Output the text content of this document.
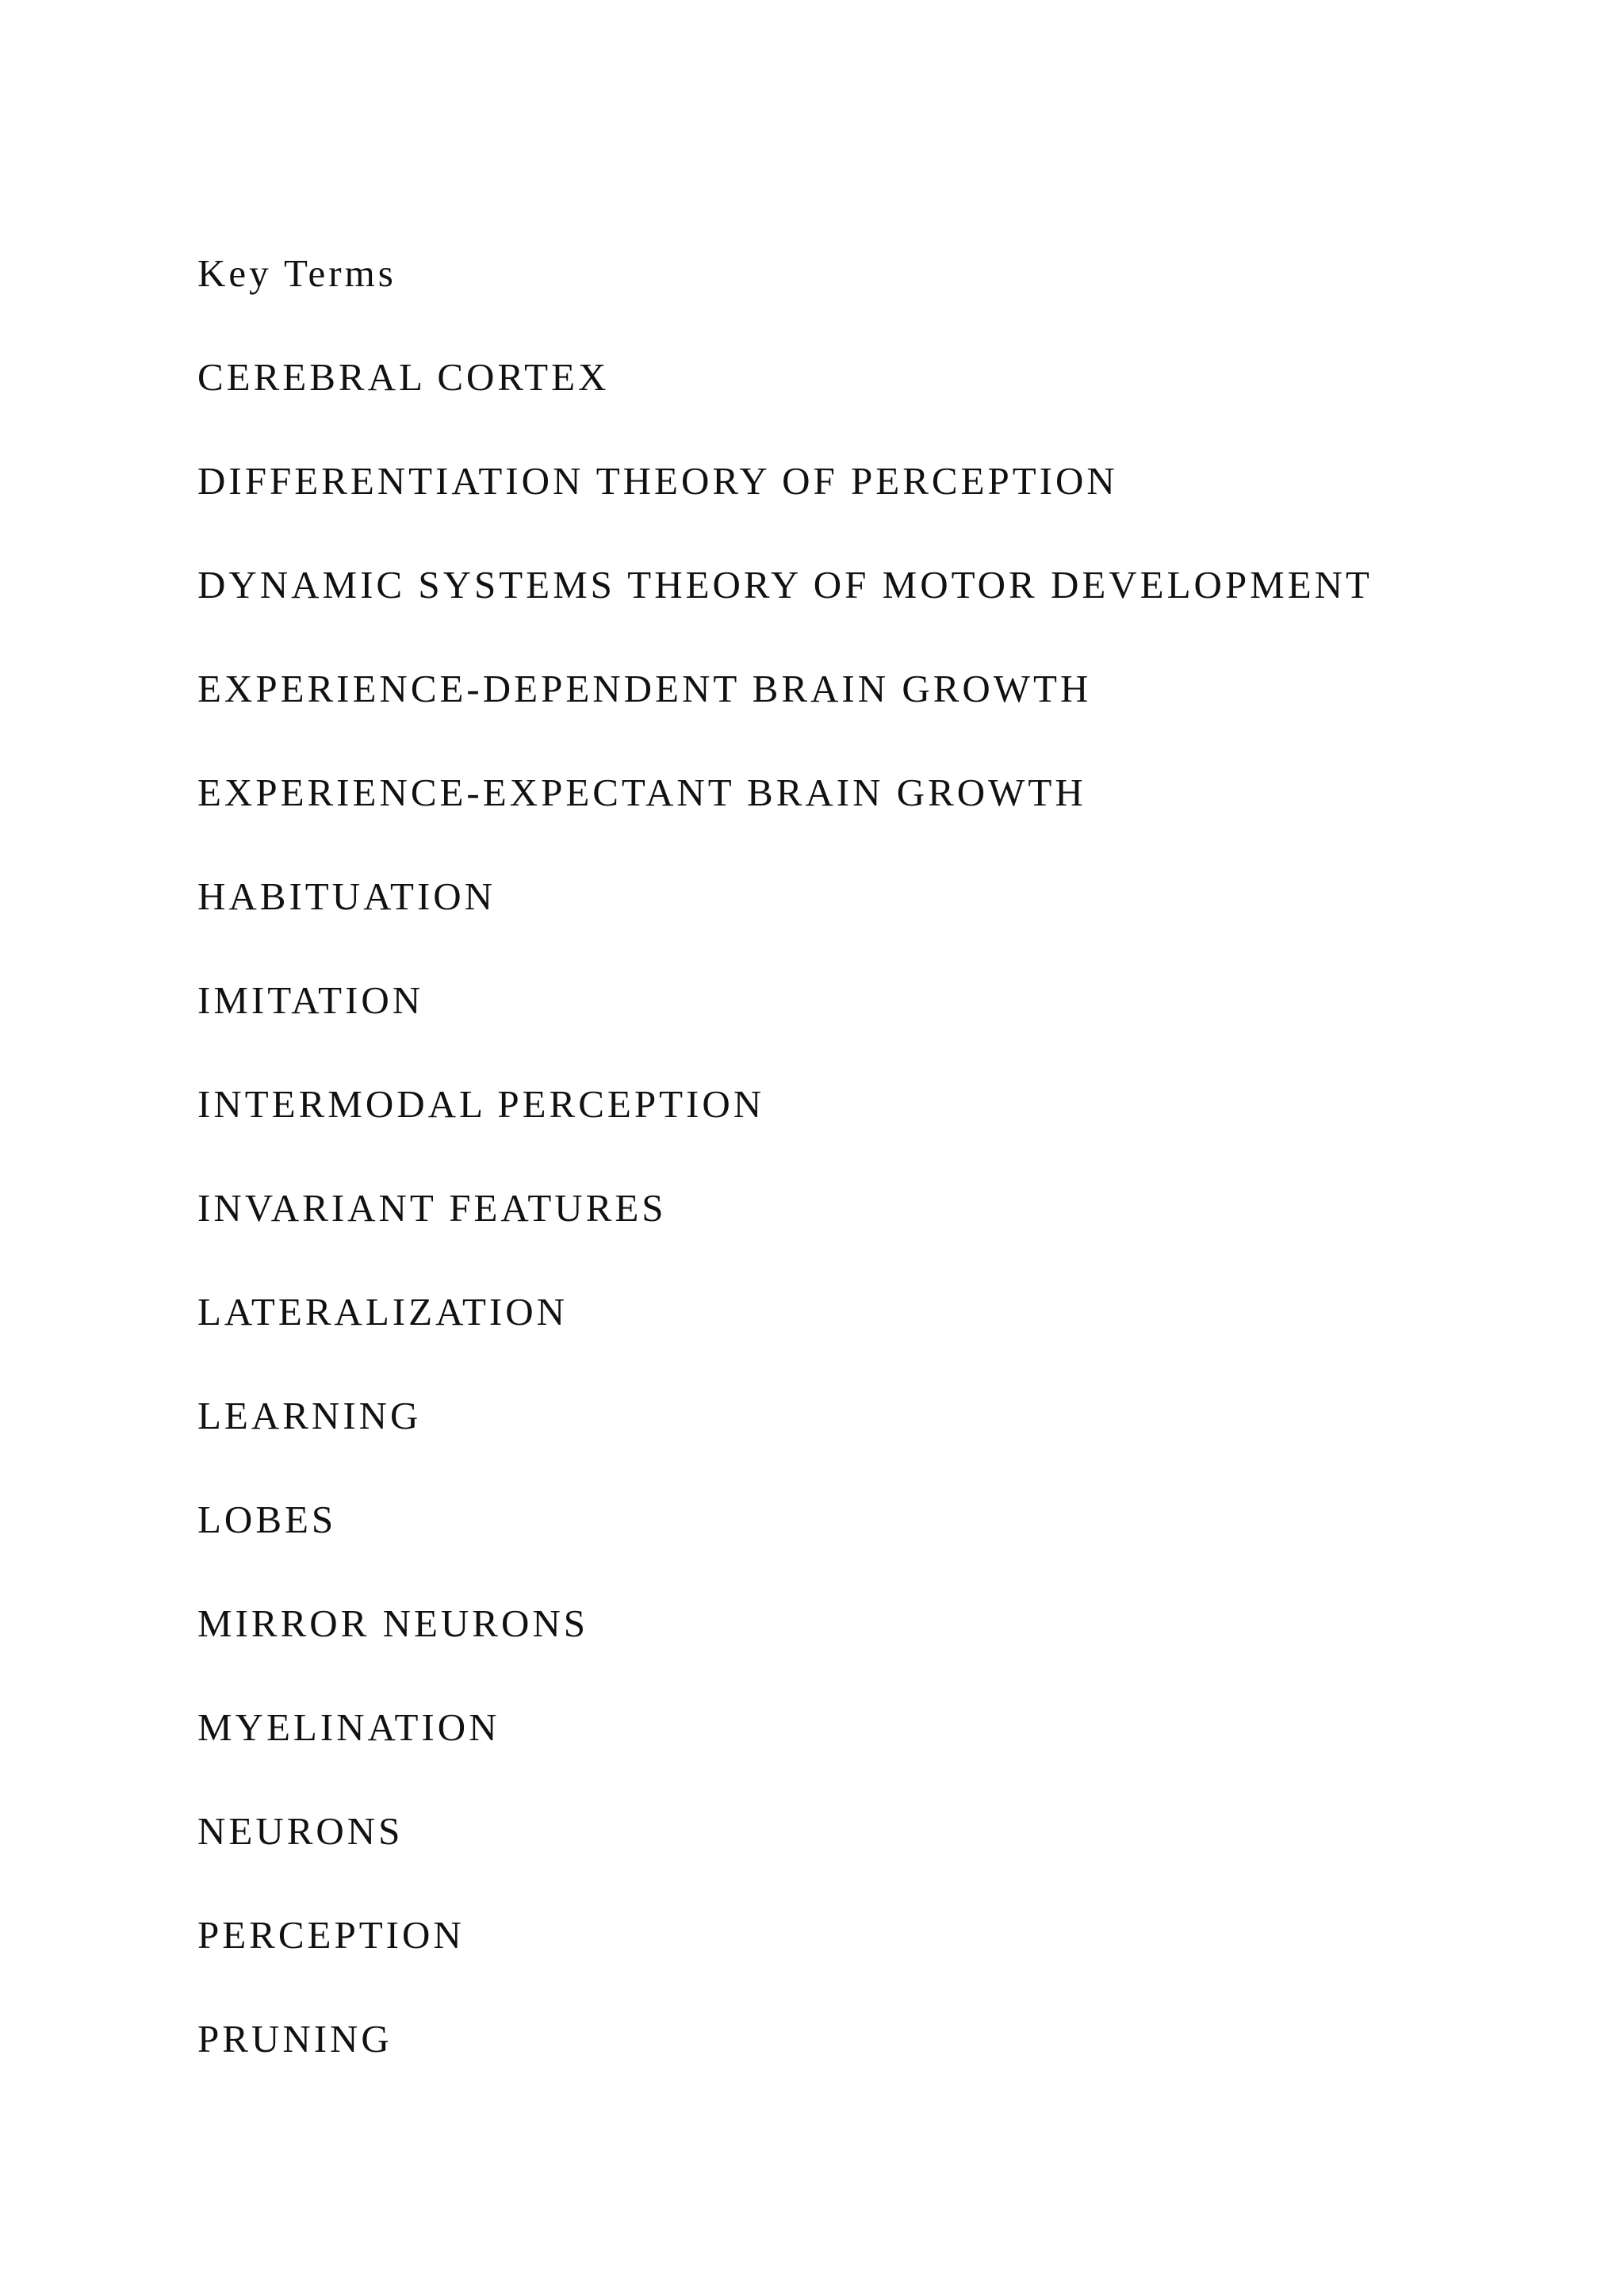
Key Terms

CEREBRAL CORTEX

DIFFERENTIATION THEORY OF PERCEPTION

DYNAMIC SYSTEMS THEORY OF MOTOR DEVELOPMENT

EXPERIENCE-DEPENDENT BRAIN GROWTH

EXPERIENCE-EXPECTANT BRAIN GROWTH

HABITUATION

IMITATION

INTERMODAL PERCEPTION

INVARIANT FEATURES

LATERALIZATION

LEARNING

LOBES

MIRROR NEURONS

MYELINATION

NEURONS

PERCEPTION

PRUNING
